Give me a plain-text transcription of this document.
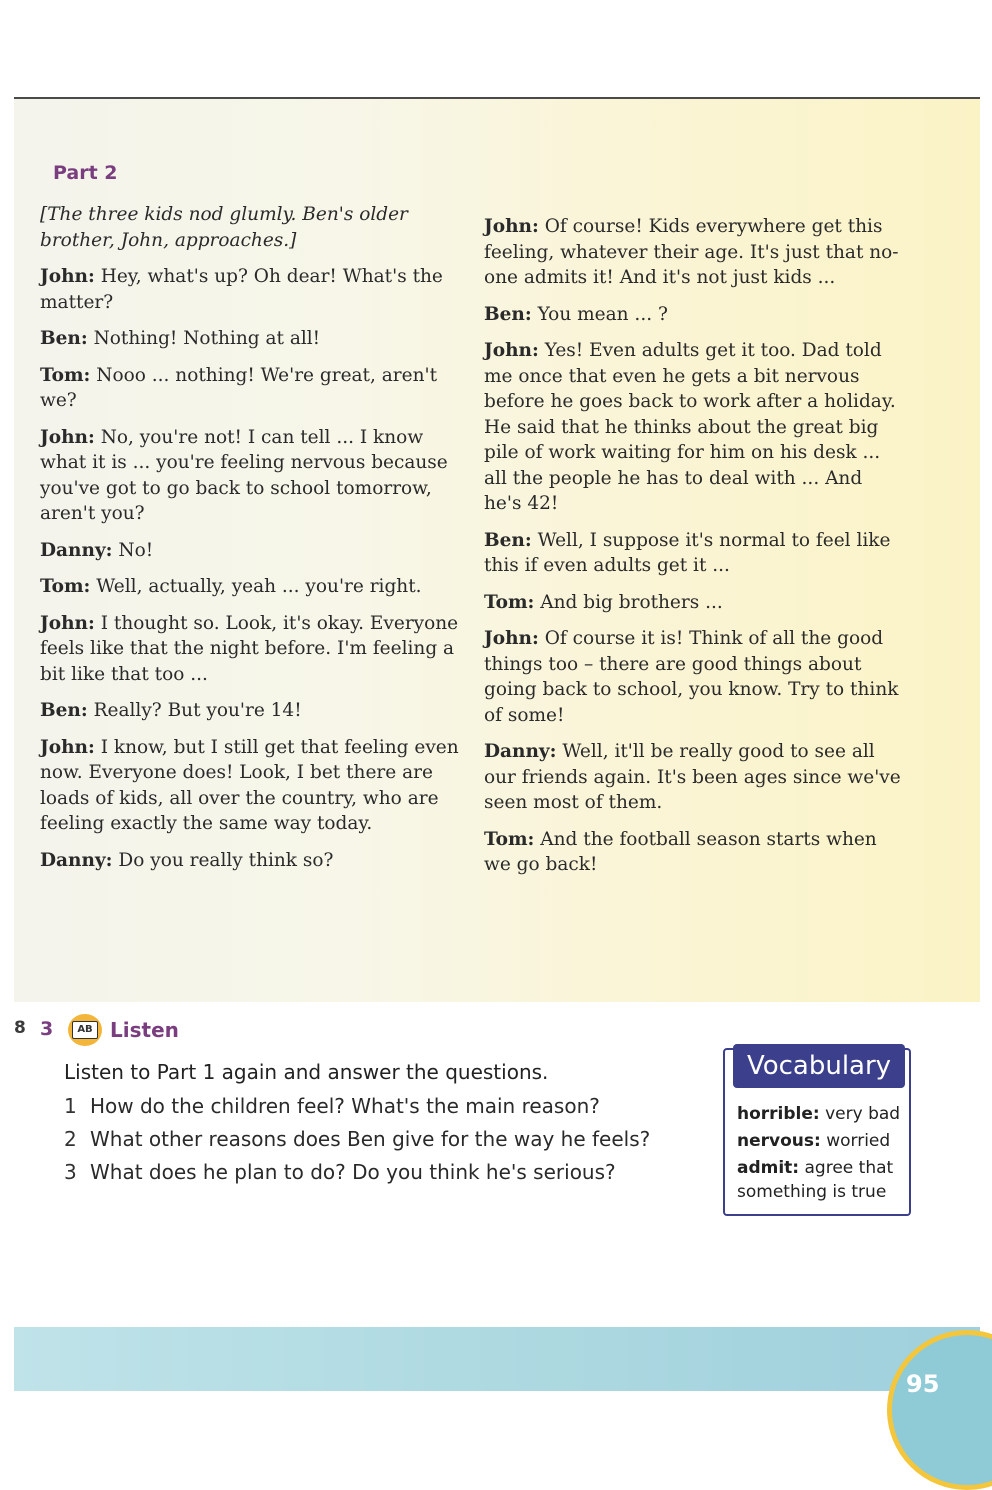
Part 2

[The three kids nod glumly. Ben's older brother, John, approaches.]

John: Hey, what's up? Oh dear! What's the matter?

Ben: Nothing! Nothing at all!

Tom: Nooo ... nothing! We're great, aren't we?

John: No, you're not! I can tell ... I know what it is ... you're feeling nervous because you've got to go back to school tomorrow, aren't you?

Danny: No!

Tom: Well, actually, yeah ... you're right.

John: I thought so. Look, it's okay. Everyone feels like that the night before. I'm feeling a bit like that too ...

Ben: Really? But you're 14!

John: I know, but I still get that feeling even now. Everyone does! Look, I bet there are loads of kids, all over the country, who are feeling exactly the same way today.

Danny: Do you really think so?

John: Of course! Kids everywhere get this feeling, whatever their age. It's just that no-one admits it! And it's not just kids ...

Ben: You mean ... ?

John: Yes! Even adults get it too. Dad told me once that even he gets a bit nervous before he goes back to work after a holiday. He said that he thinks about the great big pile of work waiting for him on his desk ... all the people he has to deal with ... And he's 42!

Ben: Well, I suppose it's normal to feel like this if even adults get it ...

Tom: And big brothers ...

John: Of course it is! Think of all the good things too – there are good things about going back to school, you know. Try to think of some!

Danny: Well, it'll be really good to see all our friends again. It's been ages since we've seen most of them.

Tom: And the football season starts when we go back!

8 3	AB Listen
Listen to Part 1 again and answer the questions.
1 How do the children feel? What's the main reason?
2 What other reasons does Ben give for the way he feels?
3 What does he plan to do? Do you think he's serious?
Vocabulary
horrible: very bad
nervous: worried
admit: agree that something is true
95
